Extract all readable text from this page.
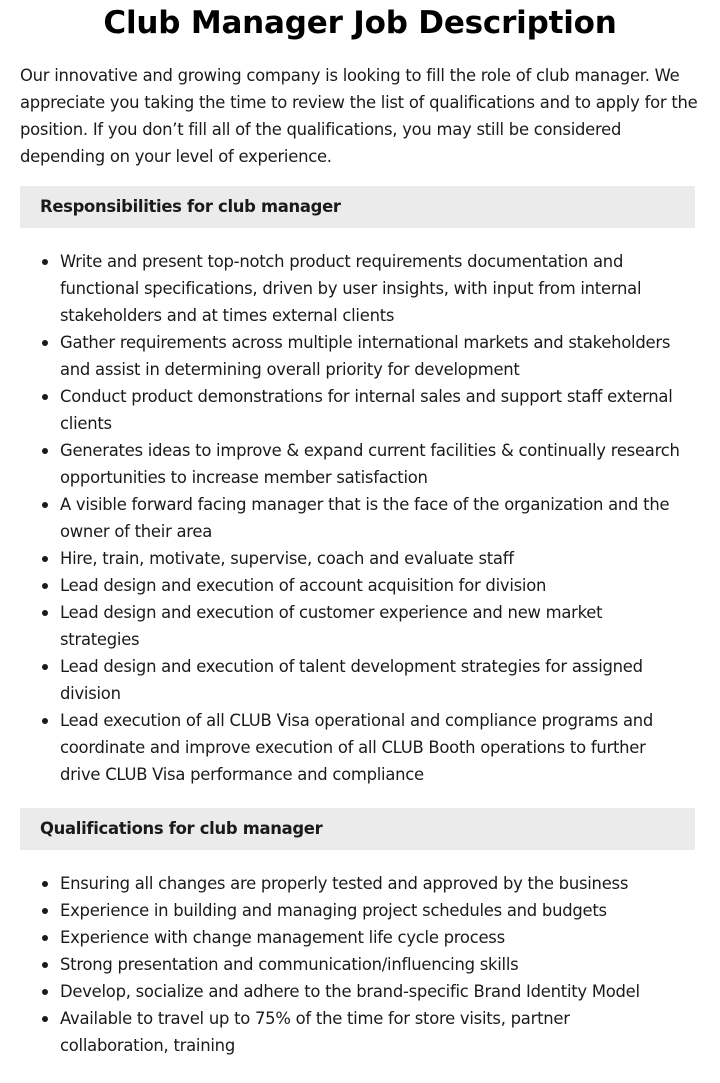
Club Manager Job Description

Our innovative and growing company is looking to fill the role of club manager. We appreciate you taking the time to review the list of qualifications and to apply for the position. If you don’t fill all of the qualifications, you may still be considered depending on your level of experience.

Responsibilities for club manager
Write and present top-notch product requirements documentation and
functional specifications, driven by user insights, with input from internal
stakeholders and at times external clients
Gather requirements across multiple international markets and stakeholders
and assist in determining overall priority for development
Conduct product demonstrations for internal sales and support staff external
clients
Generates ideas to improve & expand current facilities & continually research
opportunities to increase member satisfaction
A visible forward facing manager that is the face of the organization and the
owner of their area
Hire, train, motivate, supervise, coach and evaluate staff
Lead design and execution of account acquisition for division
Lead design and execution of customer experience and new market
strategies
Lead design and execution of talent development strategies for assigned
division
Lead execution of all CLUB Visa operational and compliance programs and
coordinate and improve execution of all CLUB Booth operations to further
drive CLUB Visa performance and compliance
Qualifications for club manager
Ensuring all changes are properly tested and approved by the business
Experience in building and managing project schedules and budgets
Experience with change management life cycle process
Strong presentation and communication/influencing skills
Develop, socialize and adhere to the brand-specific Brand Identity Model
Available to travel up to 75% of the time for store visits, partner
collaboration, training
